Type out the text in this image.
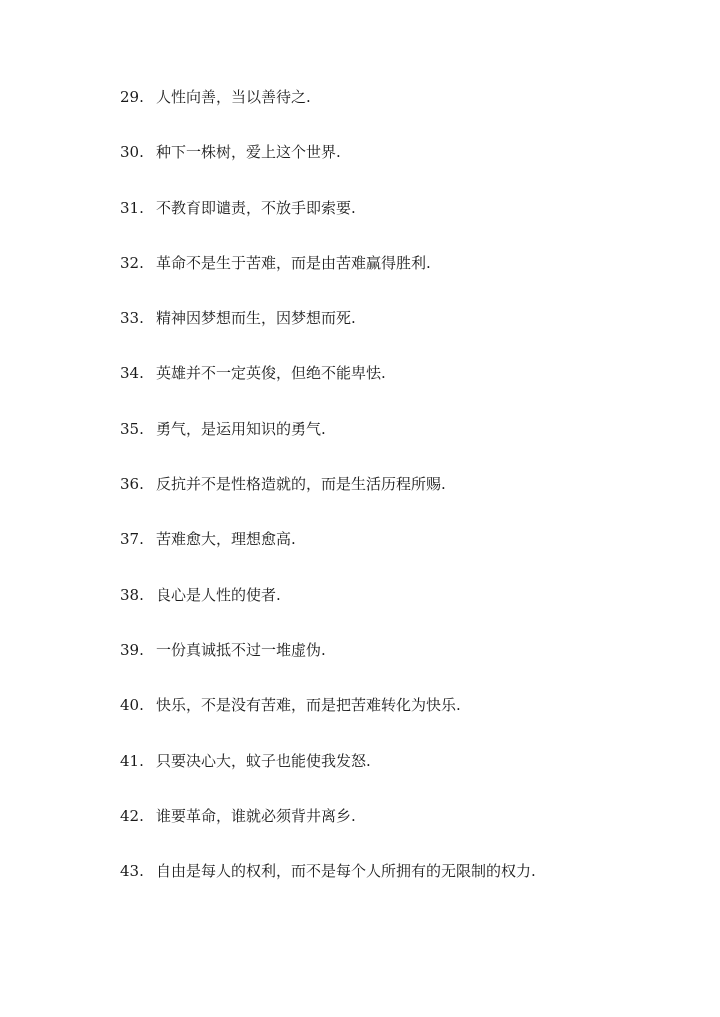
29. 人性向善，当以善待之.
30. 种下一株树，爱上这个世界.
31. 不教育即谴责，不放手即索要.
32. 革命不是生于苦难，而是由苦难赢得胜利.
33. 精神因梦想而生，因梦想而死.
34. 英雄并不一定英俊，但绝不能卑怯.
35. 勇气，是运用知识的勇气.
36. 反抗并不是性格造就的，而是生活历程所赐.
37. 苦难愈大，理想愈高.
38. 良心是人性的使者.
39. 一份真诚抵不过一堆虚伪.
40. 快乐，不是没有苦难，而是把苦难转化为快乐.
41. 只要决心大，蚊子也能使我发怒.
42. 谁要革命，谁就必须背井离乡.
43. 自由是每人的权利，而不是每个人所拥有的无限制的权力.
